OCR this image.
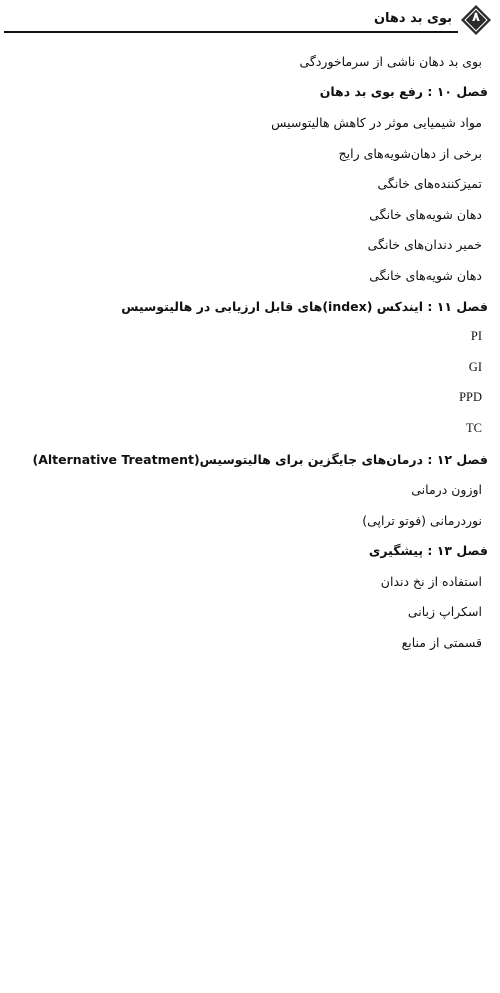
بوی بد دهان	۸
بوی بد دهان ناشی از سرماخوردگی
فصل ۱۰ : رفع بوی بد دهان
مواد شیمیایی موثر در کاهش هالیتوسیس
برخی از دهان‌شویه‌های رایج
تمیزکننده‌های خانگی
دهان شویه‌های خانگی
خمیر دندان‌های خانگی
دهان شویه‌های خانگی
فصل ۱۱ : ایندکس (index)های قابل ارزیابی در هالیتوسیس
PI
GI
PPD
TC
فصل ۱۲ : درمان‌های جایگزین برای هالیتوسیس(Alternative Treatment)
اوزون درمانی
نوردرمانی (فوتو تراپی)
فصل ۱۳ : پیشگیری
استفاده از نخ دندان
اسکراپ زبانی
قسمتی از منابع
